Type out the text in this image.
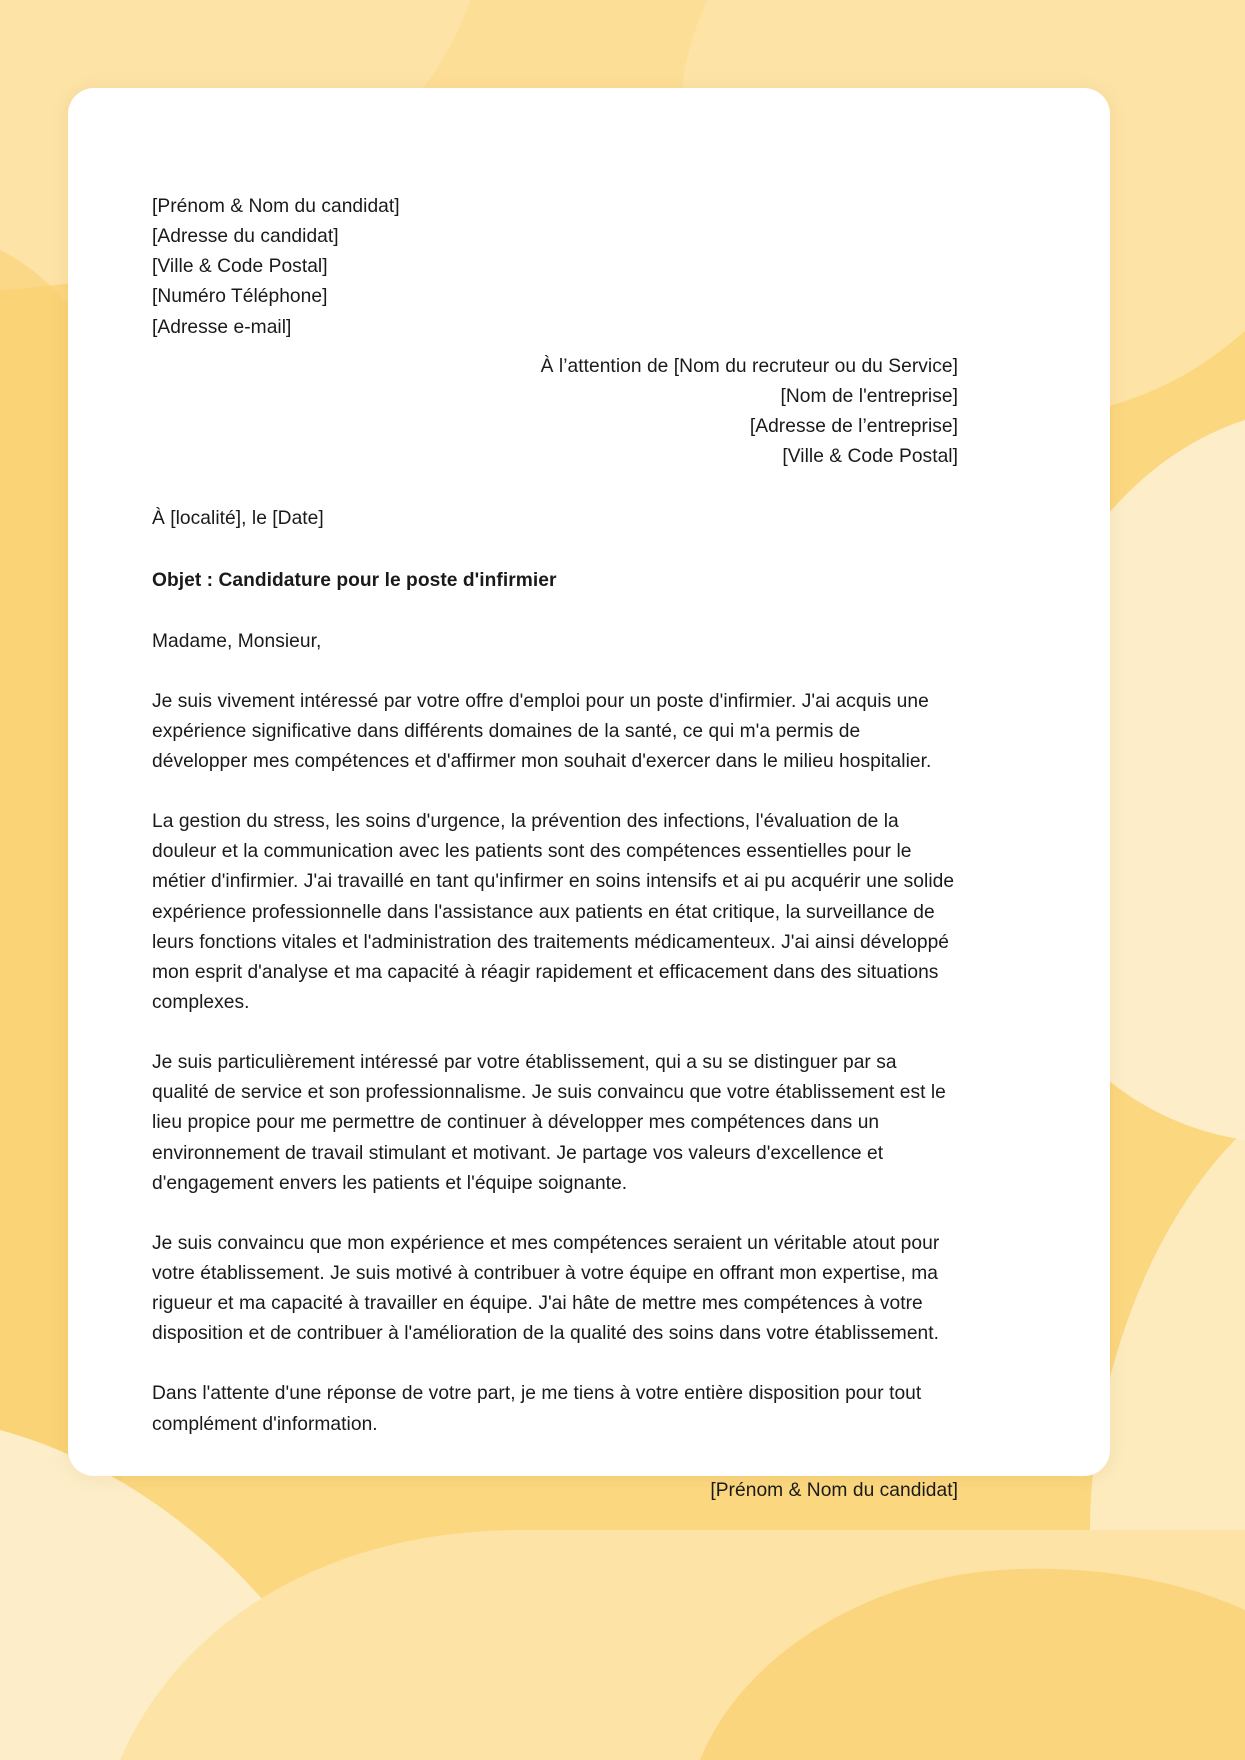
[Prénom & Nom du candidat]
[Adresse du candidat]
[Ville & Code Postal]
[Numéro Téléphone]
[Adresse e-mail]
À l’attention de [Nom du recruteur ou du Service]
[Nom de l'entreprise]
[Adresse de l’entreprise]
[Ville & Code Postal]
À [localité], le [Date]
Objet : Candidature pour le poste d'infirmier
Madame, Monsieur,

Je suis vivement intéressé par votre offre d'emploi pour un poste d'infirmier. J'ai acquis une expérience significative dans différents domaines de la santé, ce qui m'a permis de développer mes compétences et d'affirmer mon souhait d'exercer dans le milieu hospitalier.

La gestion du stress, les soins d'urgence, la prévention des infections, l'évaluation de la douleur et la communication avec les patients sont des compétences essentielles pour le métier d'infirmier. J'ai travaillé en tant qu'infirmer en soins intensifs et ai pu acquérir une solide expérience professionnelle dans l'assistance aux patients en état critique, la surveillance de leurs fonctions vitales et l'administration des traitements médicamenteux. J'ai ainsi développé mon esprit d'analyse et ma capacité à réagir rapidement et efficacement dans des situations complexes.

Je suis particulièrement intéressé par votre établissement, qui a su se distinguer par sa qualité de service et son professionnalisme. Je suis convaincu que votre établissement est le lieu propice pour me permettre de continuer à développer mes compétences dans un environnement de travail stimulant et motivant. Je partage vos valeurs d'excellence et d'engagement envers les patients et l'équipe soignante.

Je suis convaincu que mon expérience et mes compétences seraient un véritable atout pour votre établissement. Je suis motivé à contribuer à votre équipe en offrant mon expertise, ma rigueur et ma capacité à travailler en équipe. J'ai hâte de mettre mes compétences à votre disposition et de contribuer à l'amélioration de la qualité des soins dans votre établissement.

Dans l'attente d'une réponse de votre part, je me tiens à votre entière disposition pour tout complément d'information.

[Prénom & Nom du candidat]
